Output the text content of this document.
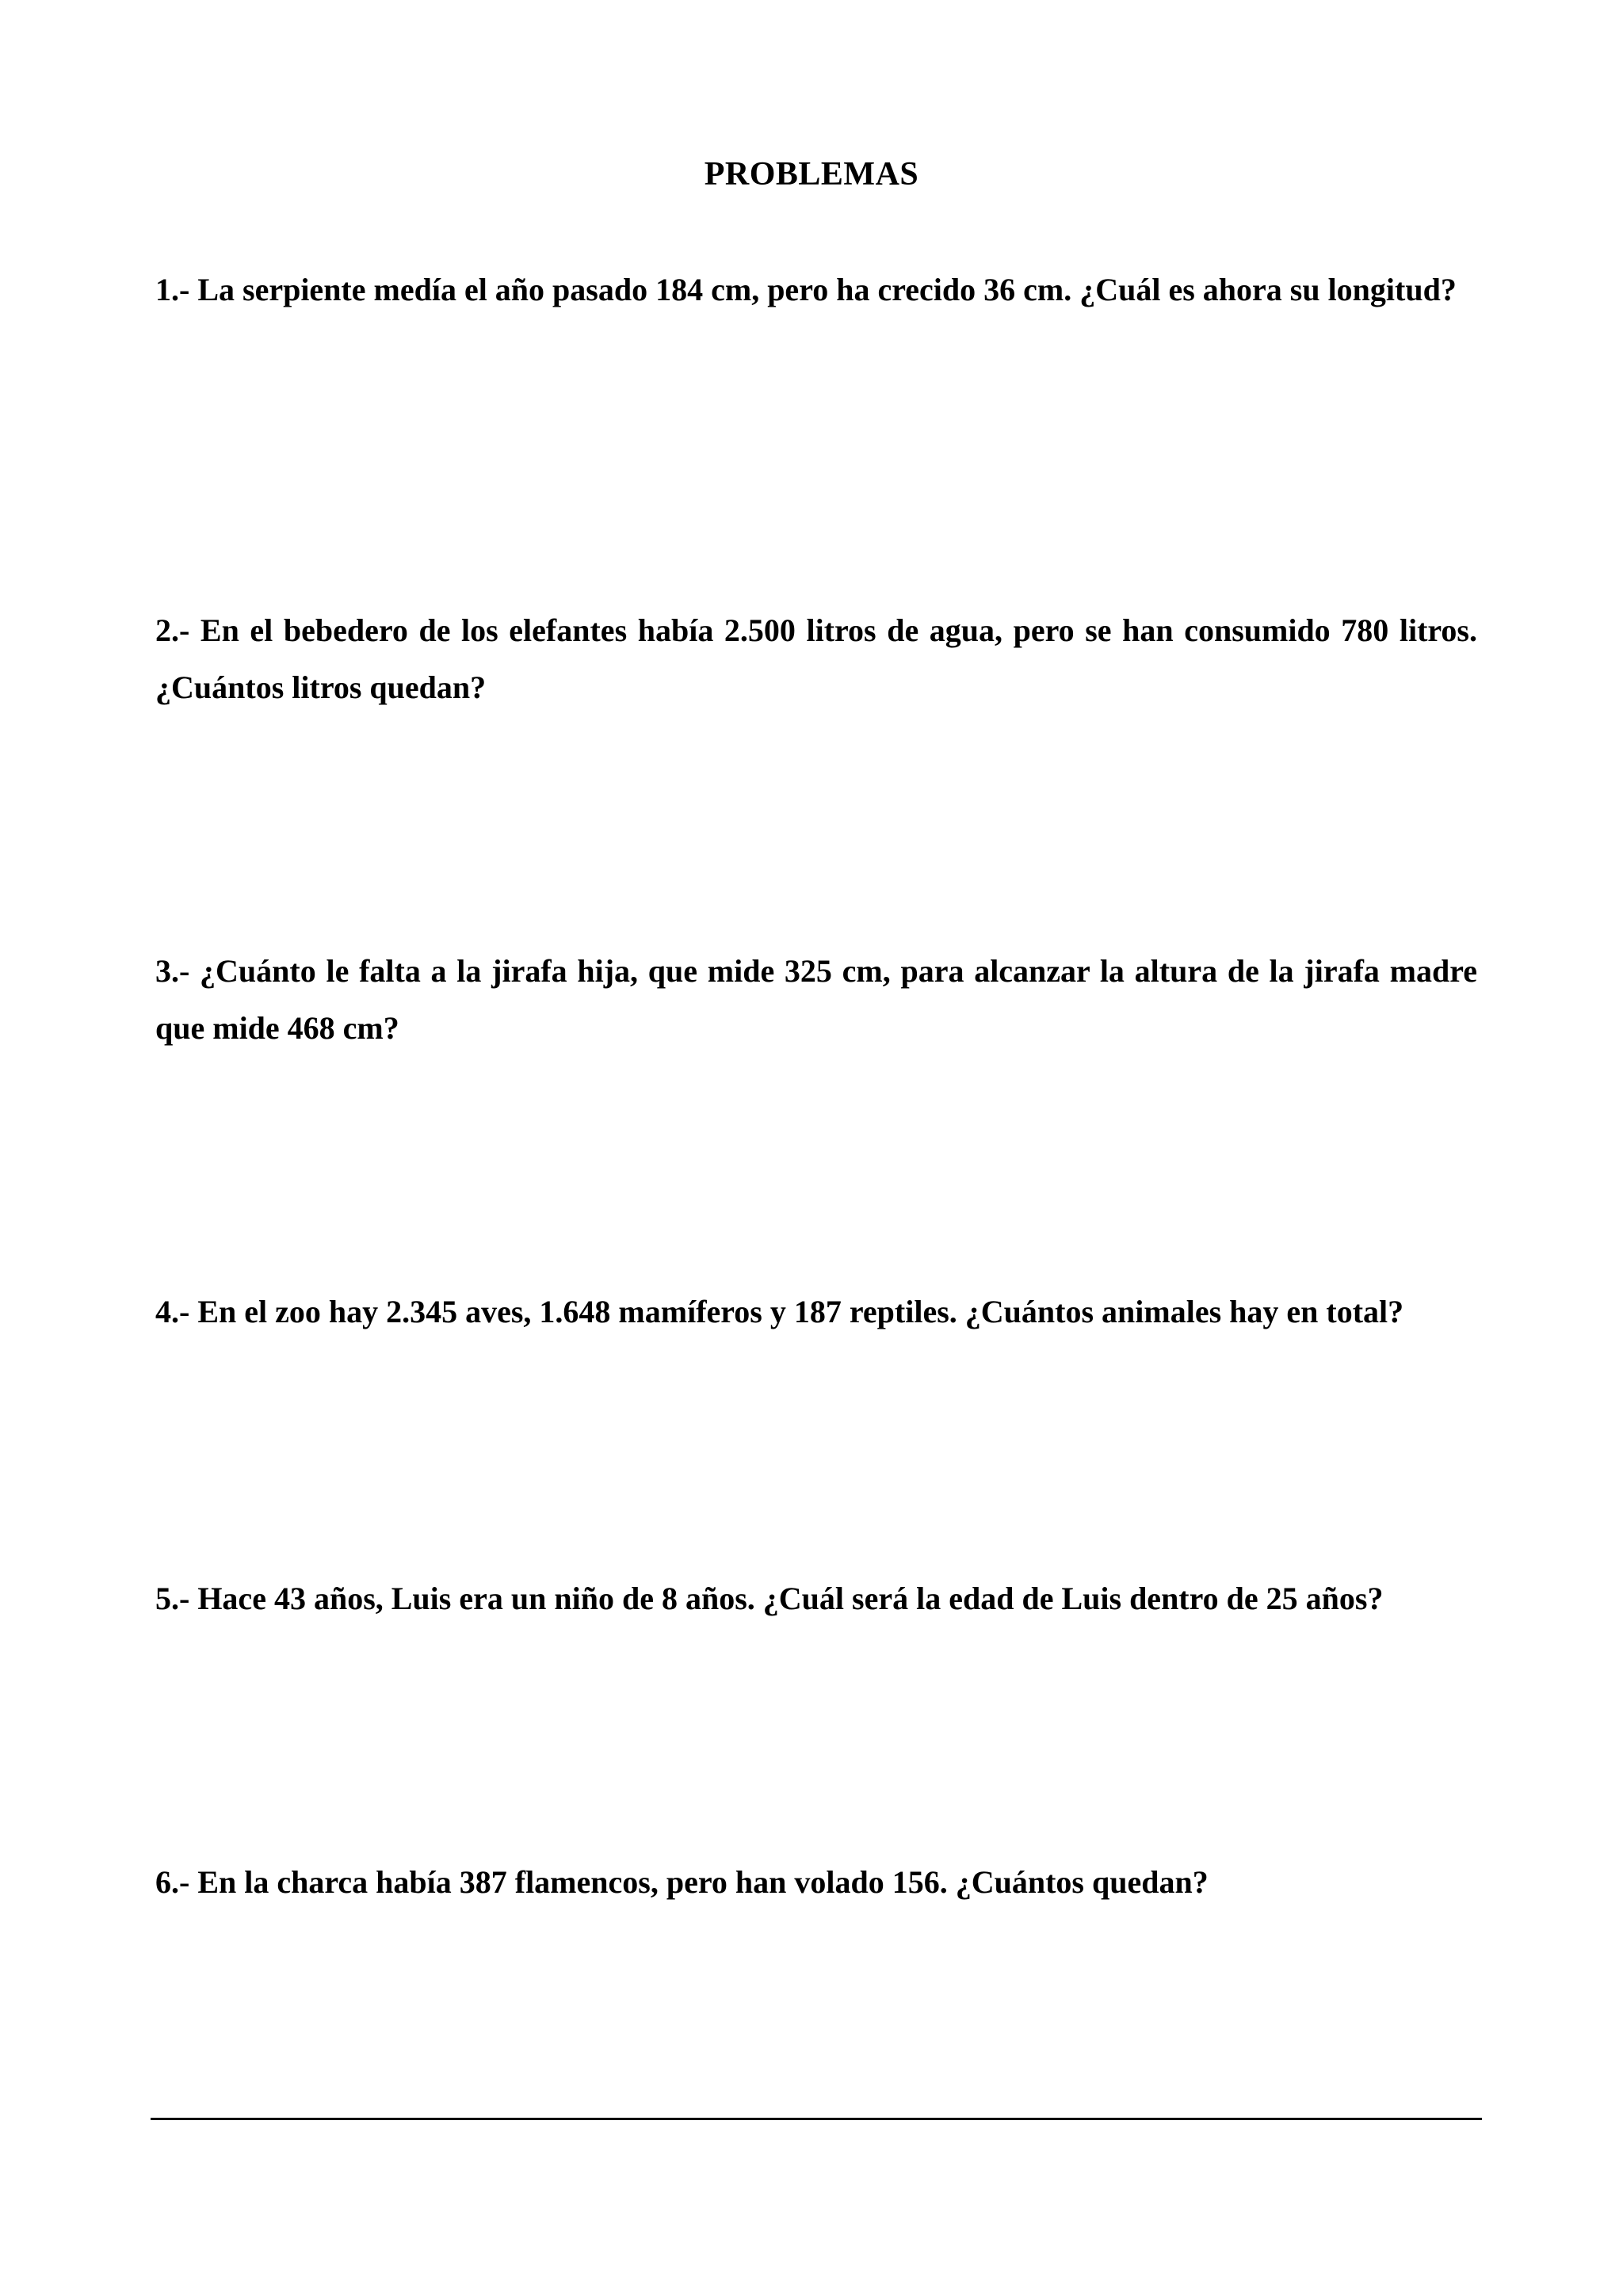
PROBLEMAS
1.- La serpiente medía el año pasado 184 cm, pero ha crecido 36 cm. ¿Cuál es ahora su longitud?
2.- En el bebedero de los elefantes había 2.500 litros de agua, pero se han consumido 780 litros. ¿Cuántos litros quedan?
3.- ¿Cuánto le falta a la jirafa hija, que mide 325 cm, para alcanzar la altura de la jirafa madre que mide 468 cm?
4.- En el zoo hay 2.345 aves, 1.648 mamíferos y 187 reptiles. ¿Cuántos animales hay en total?
5.- Hace 43 años, Luis era un niño de 8 años. ¿Cuál será la edad de Luis dentro de 25 años?
6.- En la charca había 387 flamencos, pero han volado 156. ¿Cuántos quedan?
